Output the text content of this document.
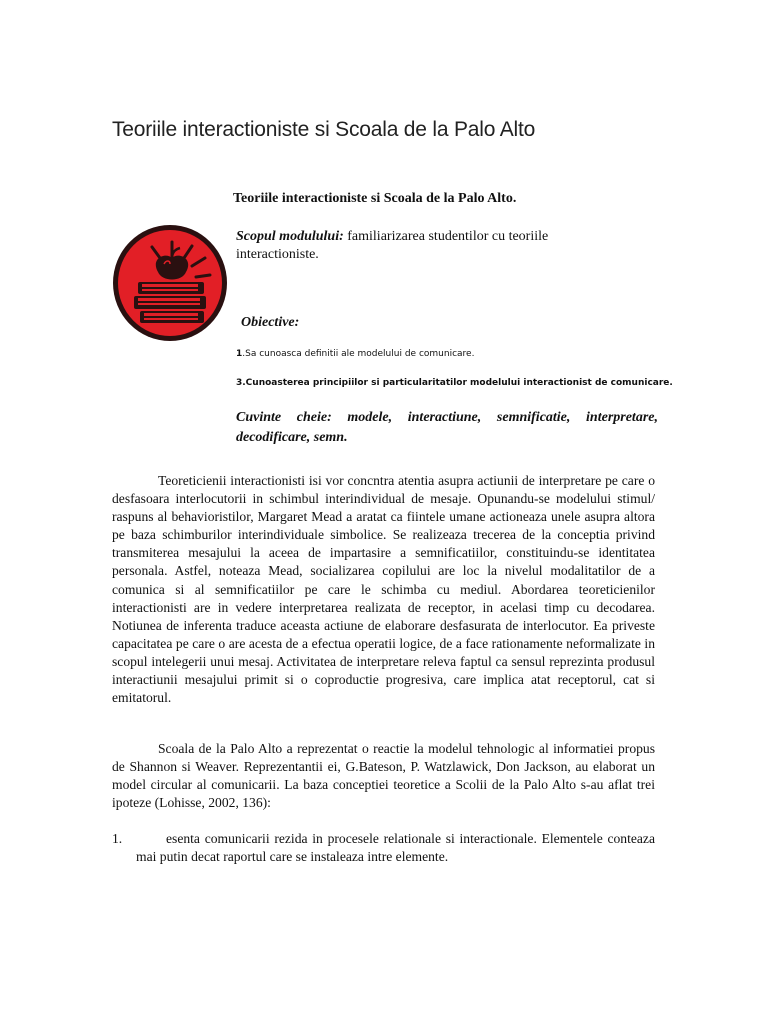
Teoriile interactioniste si Scoala de la Palo Alto
Teoriile interactioniste si Scoala de la Palo Alto.
Scopul modulului: familiarizarea studentilor cu teoriile interactioniste.
Obiective:
1.Sa cunoasca definitii ale modelului de comunicare.
3.Cunoasterea principiilor si particularitatilor modelului interactionist de comunicare.
Cuvinte cheie: modele, interactiune, semnificatie, interpretare, decodificare, semn.

Teoreticienii interactionisti isi vor concntra atentia asupra actiunii de interpretare pe care o desfasoara interlocutorii in schimbul interindividual de mesaje. Opunandu-se modelului stimul/ raspuns al behavioristilor, Margaret Mead a aratat ca fiintele umane actioneaza unele asupra altora pe baza schimburilor interindividuale simbolice. Se realizeaza trecerea de la conceptia privind transmiterea mesajului la aceea de impartasire a semnificatiilor, constituindu-se identitatea personala. Astfel, noteaza Mead, socializarea copilului are loc la nivelul modalitatilor de a comunica si al semnificatiilor pe care le schimba cu mediul. Abordarea teoreticienilor interactionisti are in vedere interpretarea realizata de receptor, in acelasi timp cu decodarea. Notiunea de inferenta traduce aceasta actiune de elaborare desfasurata de interlocutor. Ea priveste capacitatea pe care o are acesta de a efectua operatii logice, de a face rationamente neformalizate in scopul intelegerii unui mesaj. Activitatea de interpretare releva faptul ca sensul reprezinta produsul interactiunii mesajului primit si o coproductie progresiva, care implica atat receptorul, cat si emitatorul.

Scoala de la Palo Alto a reprezentat o reactie la modelul tehnologic al informatiei propus de Shannon si Weaver. Reprezentantii ei, G.Bateson, P. Watzlawick, Don Jackson, au elaborat un model circular al comunicarii. La baza conceptiei teoretice a Scolii de la Palo Alto s-au aflat trei ipoteze (Lohisse, 2002, 136):

1.	esenta comunicarii rezida in procesele relationale si interactionale. Elementele conteaza mai putin decat raportul care se instaleaza intre elemente.
